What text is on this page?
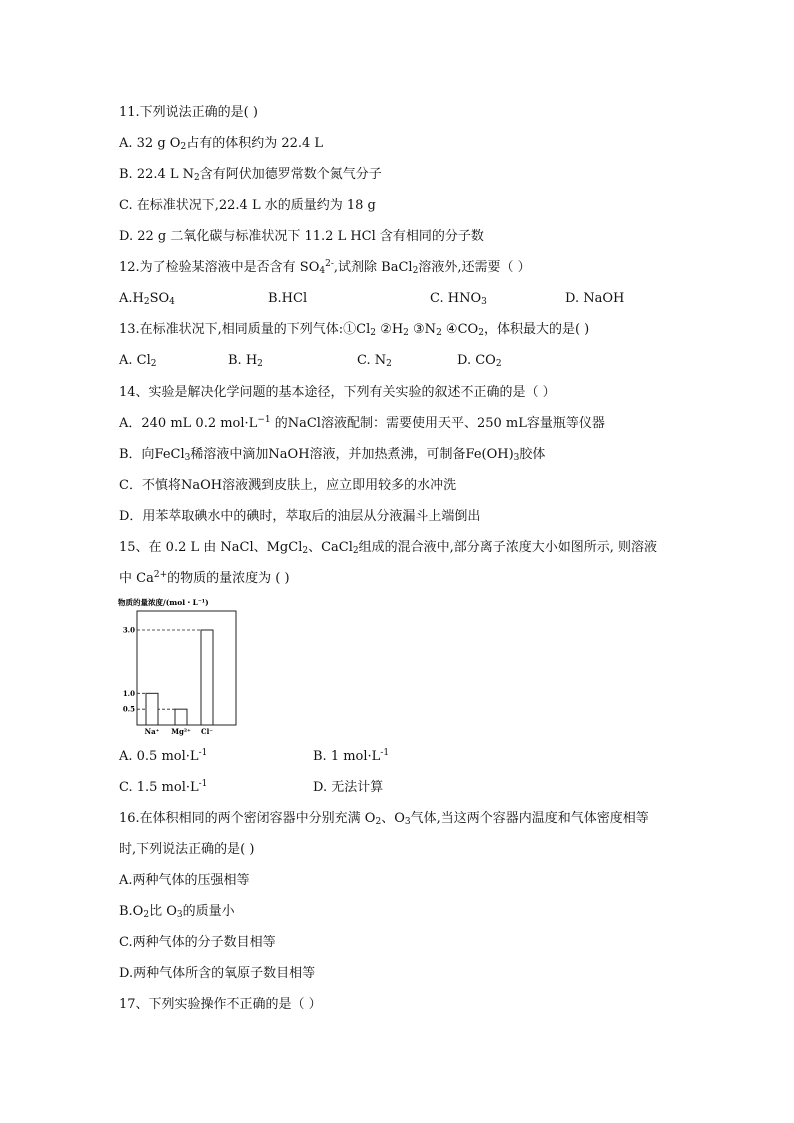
11.下列说法正确的是( )
A. 32 g $O_2$占有的体积约为 22.4 L
B. 22.4 L $N_2$含有阿伏加德罗常数个氮气分子
C. 在标准状况下,22.4 L 水的质量约为 18 g
D. 22 g 二氧化碳与标准状况下 11.2 L HCl 含有相同的分子数
12.为了检验某溶液中是否含有 $SO_4^{2-}$,试剂除 BaCl$_2$溶液外,还需要（ ）
$A.H_2SO_4$	B.HCl	C. $HNO_3$	D. NaOH
13.在标准状况下,相同质量的下列气体$:①Cl_2$ $②H_2$ $③N_2$ $④CO_2$，体积最大的是( )
A. $Cl_2$	B. $H_2$	C. $N_2$	D. $CO_2$
14、实验是解决化学问题的基本途径，下列有关实验的叙述不正确的是（ ）
A．240 mL 0.2 $mol\cdot L^{-1}$ 的NaCl溶液配制：需要使用天平、250 mL容量瓶等仪器
B．向FeCl$_3$稀溶液中滴加NaOH溶液，并加热煮沸，可制备$Fe(OH)_3$胶体
C．不慎将NaOH溶液溅到皮肤上，应立即用较多的水冲洗
D．用苯萃取碘水中的碘时，萃取后的油层从分液漏斗上端倒出
15、在 0.2 L 由 NaCl、MgCl$_2$、CaCl$_2$组成的混合液中,部分离子浓度大小如图所示, 则溶液
中 $Ca^{2+}$的物质的量浓度为 ( )
物质的量浓度/(mol・L⁻¹)
0.5
1.0
3.0
Na⁺ Mg²⁺ Cl⁻
A. 0.5 $mol\cdot L^{-1}$	B. 1 $mol\cdot L^{-1}$
C. 1.5 $mol\cdot L^{-1}$	D. 无法计算
16.在体积相同的两个密闭容器中分别充满 $O_2$、$O_3$气体,当这两个容器内温度和气体密度相等
时,下列说法正确的是( )
A.两种气体的压强相等
$B.O_2$比 $O_3$的质量小
C.两种气体的分子数目相等
D.两种气体所含的氧原子数目相等
17、下列实验操作不正确的是（ ）
